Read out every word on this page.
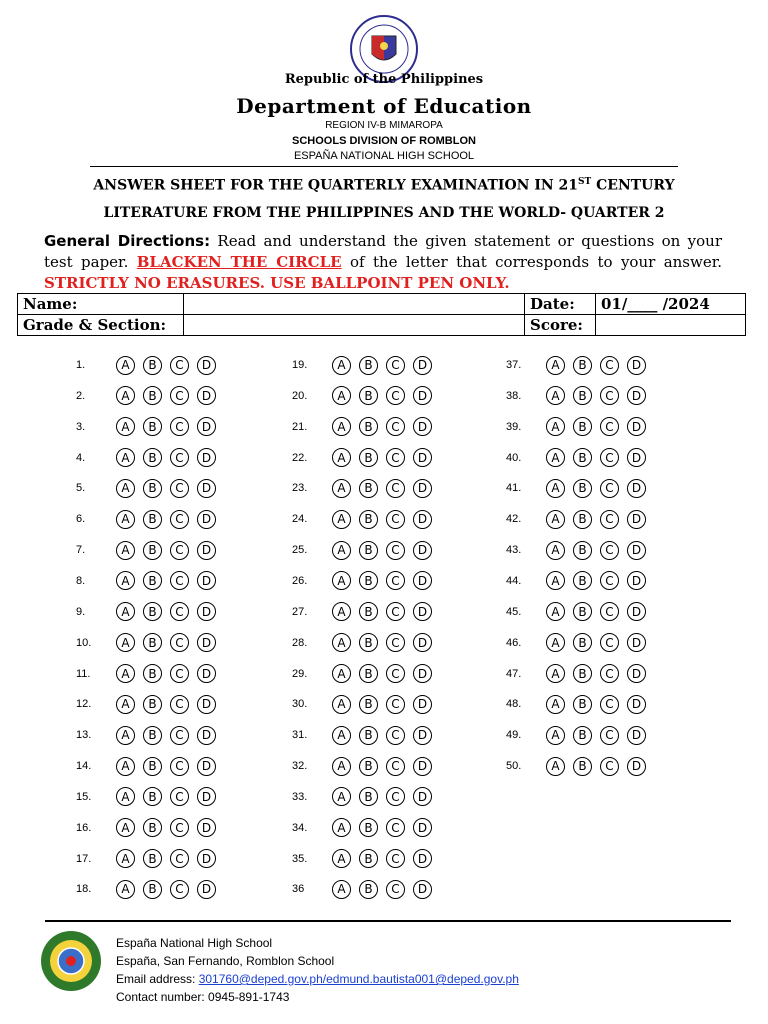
Republic of the Philippines
Department of Education
REGION IV-B MIMAROPA
SCHOOLS DIVISION OF ROMBLON
ESPAÑA NATIONAL HIGH SCHOOL
ANSWER SHEET FOR THE QUARTERLY EXAMINATION IN 21ST CENTURY
LITERATURE FROM THE PHILIPPINES AND THE WORLD- QUARTER 2
General Directions: Read and understand the given statement or questions on your test paper. BLACKEN THE CIRCLE of the letter that corresponds to your answer. STRICTLY NO ERASURES. USE BALLPOINT PEN ONLY.
Name:		Date:	01/____ /2024
Grade & Section:		Score:	
1.	A	B	C	D
2.	A	B	C	D
3.	A	B	C	D
4.	A	B	C	D
5.	A	B	C	D
6.	A	B	C	D
7.	A	B	C	D
8.	A	B	C	D
9.	A	B	C	D
10.	A	B	C	D
11.	A	B	C	D
12.	A	B	C	D
13.	A	B	C	D
14.	A	B	C	D
15.	A	B	C	D
16.	A	B	C	D
17.	A	B	C	D
18.	A	B	C	D
19.	A	B	C	D
20.	A	B	C	D
21.	A	B	C	D
22.	A	B	C	D
23.	A	B	C	D
24.	A	B	C	D
25.	A	B	C	D
26.	A	B	C	D
27.	A	B	C	D
28.	A	B	C	D
29.	A	B	C	D
30.	A	B	C	D
31.	A	B	C	D
32.	A	B	C	D
33.	A	B	C	D
34.	A	B	C	D
35.	A	B	C	D
36	A	B	C	D
37.	A	B	C	D
38.	A	B	C	D
39.	A	B	C	D
40.	A	B	C	D
41.	A	B	C	D
42.	A	B	C	D
43.	A	B	C	D
44.	A	B	C	D
45.	A	B	C	D
46.	A	B	C	D
47.	A	B	C	D
48.	A	B	C	D
49.	A	B	C	D
50.	A	B	C	D
España National High School
España, San Fernando, Romblon School
Email address: 301760@deped.gov.ph/edmund.bautista001@deped.gov.ph
Contact number: 0945-891-1743
